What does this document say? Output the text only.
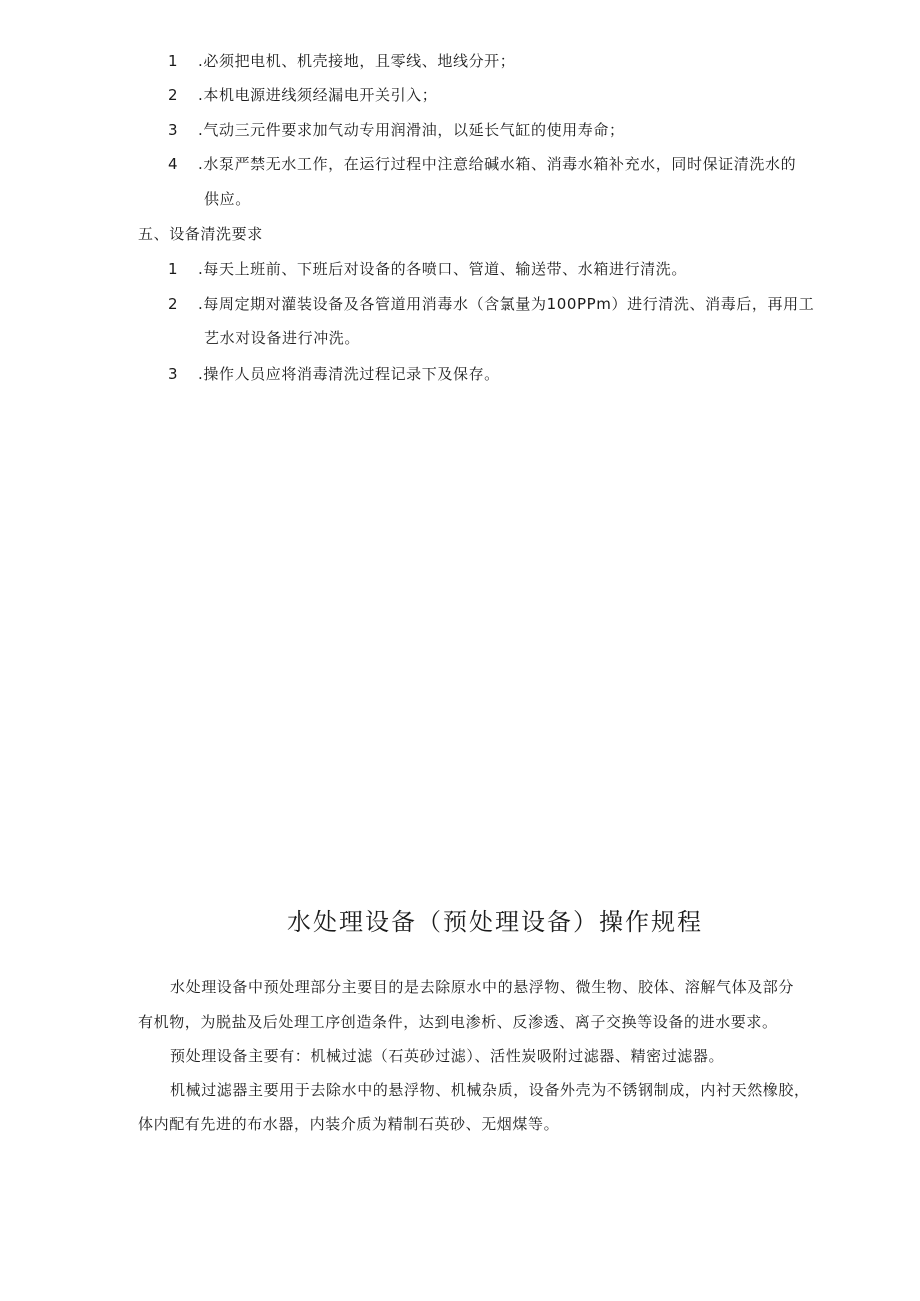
1 .必须把电机、机壳接地，且零线、地线分开；
2 .本机电源进线须经漏电开关引入；
3 .气动三元件要求加气动专用润滑油，以延长气缸的使用寿命；
4 .水泵严禁无水工作，在运行过程中注意给碱水箱、消毒水箱补充水，同时保证清洗水的
供应。
五、设备清洗要求
1 .每天上班前、下班后对设备的各喷口、管道、输送带、水箱进行清洗。
2 .每周定期对灌装设备及各管道用消毒水（含氯量为100PPm）进行清洗、消毒后，再用工
艺水对设备进行冲洗。
3 .操作人员应将消毒清洗过程记录下及保存。
水处理设备（预处理设备）操作规程
水处理设备中预处理部分主要目的是去除原水中的悬浮物、微生物、胶体、溶解气体及部分
有机物，为脱盐及后处理工序创造条件，达到电渗析、反渗透、离子交换等设备的进水要求。
预处理设备主要有：机械过滤（石英砂过滤）、活性炭吸附过滤器、精密过滤器。
机械过滤器主要用于去除水中的悬浮物、机械杂质，设备外壳为不锈钢制成，内衬天然橡胶，
体内配有先进的布水器，内装介质为精制石英砂、无烟煤等。
